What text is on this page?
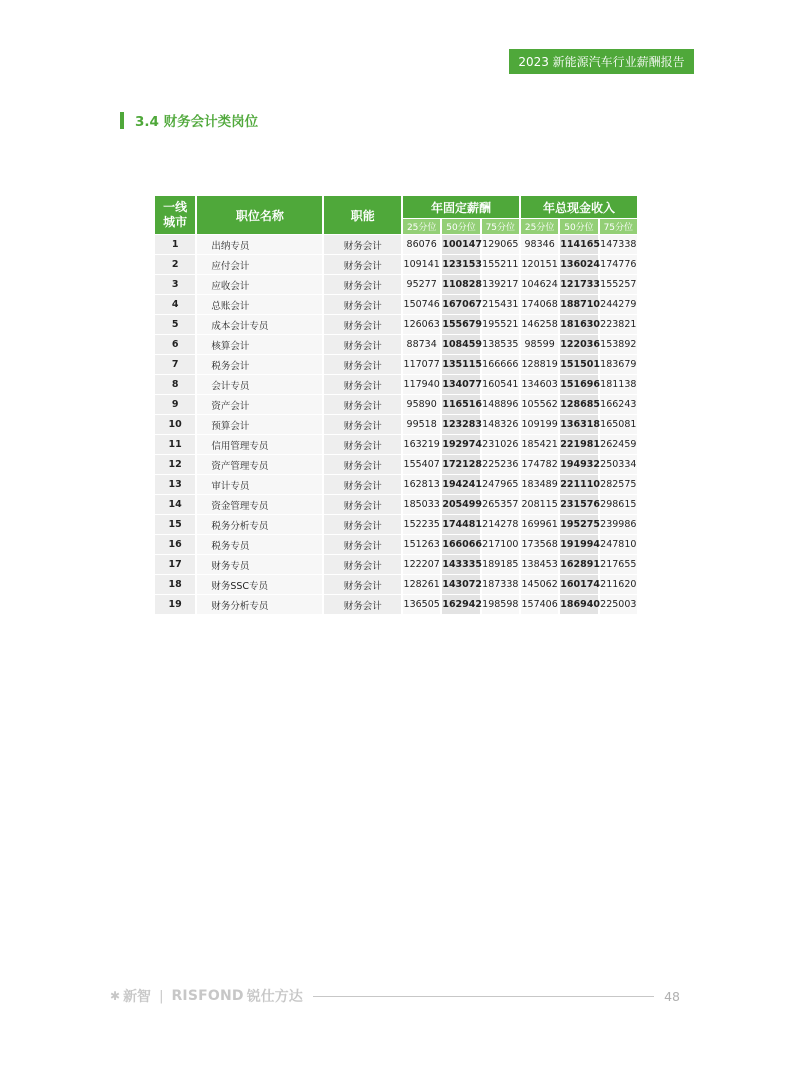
2023 新能源汽车行业薪酬报告
3.4 财务会计类岗位
一线城市	职位名称	职能	年固定薪酬			年总现金收入		
			25分位	50分位	75分位	25分位	50分位	75分位
1	出纳专员	财务会计	86076	100147	129065	98346	114165	147338
2	应付会计	财务会计	109141	123153	155211	120151	136024	174776
3	应收会计	财务会计	95277	110828	139217	104624	121733	155257
4	总账会计	财务会计	150746	167067	215431	174068	188710	244279
5	成本会计专员	财务会计	126063	155679	195521	146258	181630	223821
6	核算会计	财务会计	88734	108459	138535	98599	122036	153892
7	税务会计	财务会计	117077	135115	166666	128819	151501	183679
8	会计专员	财务会计	117940	134077	160541	134603	151696	181138
9	资产会计	财务会计	95890	116516	148896	105562	128685	166243
10	预算会计	财务会计	99518	123283	148326	109199	136318	165081
11	信用管理专员	财务会计	163219	192974	231026	185421	221981	262459
12	资产管理专员	财务会计	155407	172128	225236	174782	194932	250334
13	审计专员	财务会计	162813	194241	247965	183489	221110	282575
14	资金管理专员	财务会计	185033	205499	265357	208115	231576	298615
15	税务分析专员	财务会计	152235	174481	214278	169961	195275	239986
16	税务专员	财务会计	151263	166066	217100	173568	191994	247810
17	财务专员	财务会计	122207	143335	189185	138453	162891	217655
18	财务SSC专员	财务会计	128261	143072	187338	145062	160174	211620
19	财务分析专员	财务会计	136505	162942	198598	157406	186940	225003
✱ 新智 | RISFOND 锐仕方达	48
